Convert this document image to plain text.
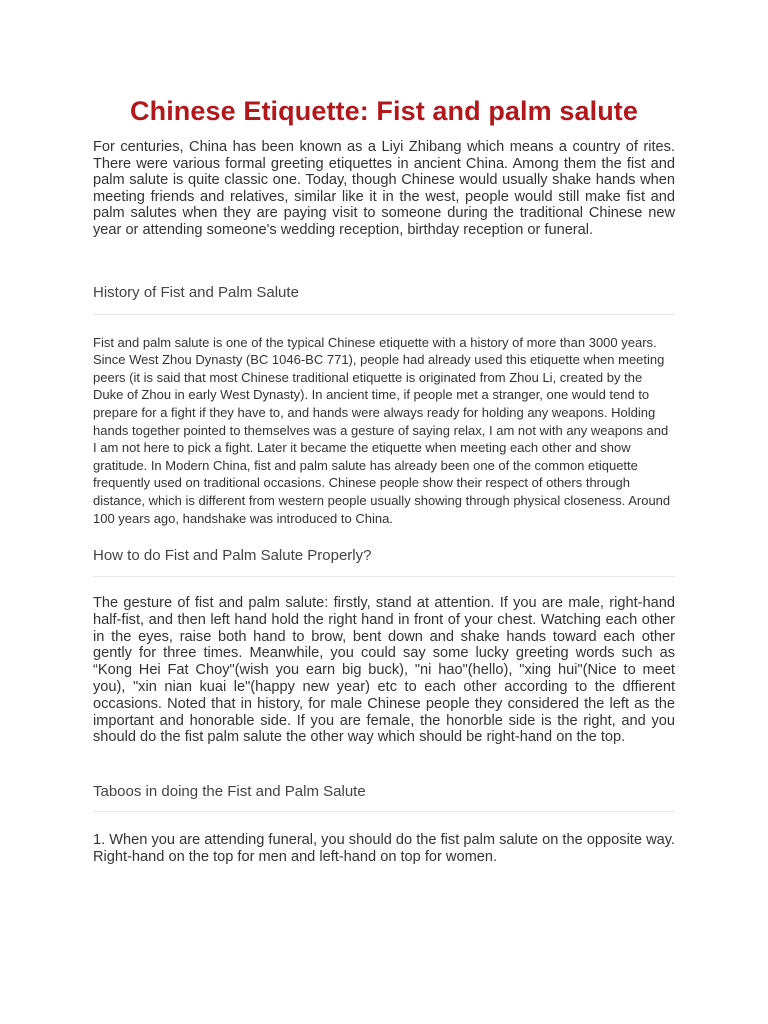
Chinese Etiquette: Fist and palm salute

For centuries, China has been known as a Liyi Zhibang which means a country of rites. There were various formal greeting etiquettes in ancient China. Among them the fist and palm salute is quite classic one. Today, though Chinese would usually shake hands when meeting friends and relatives, similar like it in the west, people would still make fist and palm salutes when they are paying visit to someone during the traditional Chinese new year or attending someone's wedding reception, birthday reception or funeral.

History of Fist and Palm Salute

Fist and palm salute is one of the typical Chinese etiquette with a history of more than 3000 years. Since West Zhou Dynasty (BC 1046-BC 771), people had already used this etiquette when meeting peers (it is said that most Chinese traditional etiquette is originated from Zhou Li, created by the Duke of Zhou in early West Dynasty). In ancient time, if people met a stranger, one would tend to prepare for a fight if they have to, and hands were always ready for holding any weapons. Holding hands together pointed to themselves was a gesture of saying relax, I am not with any weapons and I am not here to pick a fight. Later it became the etiquette when meeting each other and show gratitude. In Modern China, fist and palm salute has already been one of the common etiquette frequently used on traditional occasions. Chinese people show their respect of others through distance, which is different from western people usually showing through physical closeness. Around 100 years ago, handshake was introduced to China.

How to do Fist and Palm Salute Properly?

The gesture of fist and palm salute: firstly, stand at attention. If you are male, right-hand half-fist, and then left hand hold the right hand in front of your chest. Watching each other in the eyes, raise both hand to brow, bent down and shake hands toward each other gently for three times. Meanwhile, you could say some lucky greeting words such as “Kong Hei Fat Choy"(wish you earn big buck), "ni hao"(hello), "xing hui"(Nice to meet you), "xin nian kuai le"(happy new year) etc to each other according to the dffierent occasions. Noted that in history, for male Chinese people they considered the left as the important and honorable side. If you are female, the honorble side is the right, and you should do the fist palm salute the other way which should be right-hand on the top.

Taboos in doing the Fist and Palm Salute

1. When you are attending funeral, you should do the fist palm salute on the opposite way. Right-hand on the top for men and left-hand on top for women.
